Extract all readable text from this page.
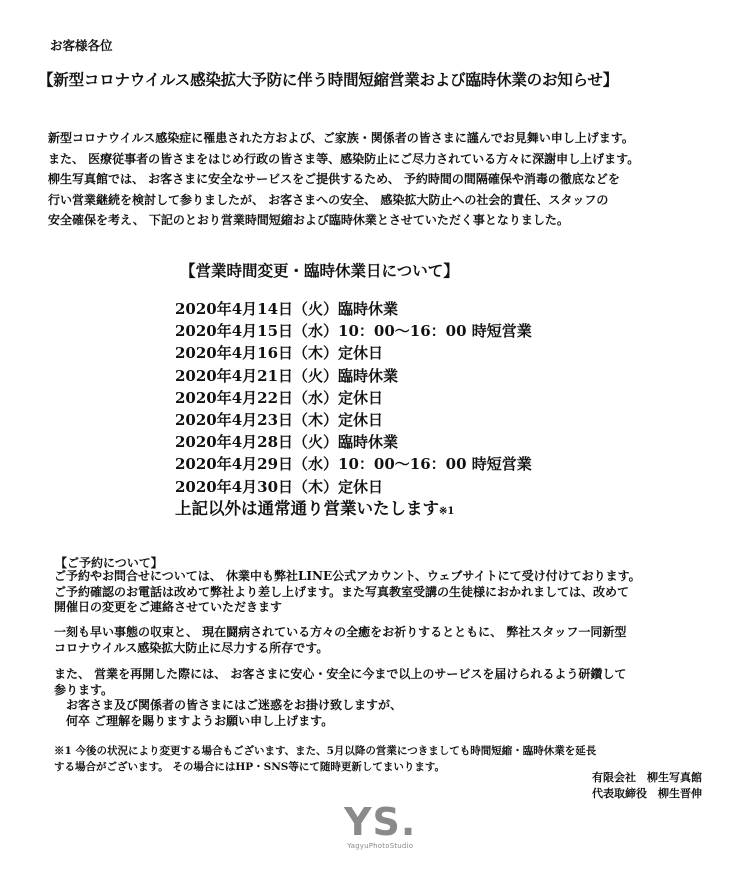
お客様各位
【新型コロナウイルス感染拡大予防に伴う時間短縮営業および臨時休業のお知らせ】
新型コロナウイルス感染症に罹患された方および、ご家族・関係者の皆さまに謹んでお見舞い申し上げます。
また、 医療従事者の皆さまをはじめ行政の皆さま等、感染防止にご尽力されている方々に深謝申し上げます。
柳生写真館では、 お客さまに安全なサービスをご提供するため、 予約時間の間隔確保や消毒の徹底などを
行い営業継続を検討して参りましたが、 お客さまへの安全、 感染拡大防止への社会的責任、スタッフの
安全確保を考え、 下記のとおり営業時間短縮および臨時休業とさせていただく事となりました。
【営業時間変更・臨時休業日について】
2020年4月14日（火）臨時休業
2020年4月15日（水）10：00～16：00 時短営業
2020年4月16日（木）定休日
2020年4月21日（火）臨時休業
2020年4月22日（水）定休日
2020年4月23日（木）定休日
2020年4月28日（火）臨時休業
2020年4月29日（水）10：00～16：00 時短営業
2020年4月30日（木）定休日
上記以外は通常通り営業いたします※1
【ご予約について】
ご予約やお問合せについては、 休業中も弊社LINE公式アカウント、ウェブサイトにて受け付けております。
ご予約確認のお電話は改めて弊社より差し上げます。また写真教室受講の生徒様におかれましては、改めて
開催日の変更をご連絡させていただきます
一刻も早い事態の収束と、 現在闘病されている方々の全癒をお祈りするとともに、 弊社スタッフ一同新型
コロナウイルス感染拡大防止に尽力する所存です。
また、 営業を再開した際には、 お客さまに安心・安全に今まで以上のサービスを届けられるよう研鑽して
参ります。
お客さま及び関係者の皆さまにはご迷惑をお掛け致しますが、
何卒 ご理解を賜りますようお願い申し上げます。
※1 今後の状況により変更する場合もございます、また、5月以降の営業につきましても時間短縮・臨時休業を延長
する場合がございます。 その場合にはHP・SNS等にて随時更新してまいります。
有限会社　柳生写真館
代表取締役　柳生晋伸
YS.
YagyuPhotoStudio
